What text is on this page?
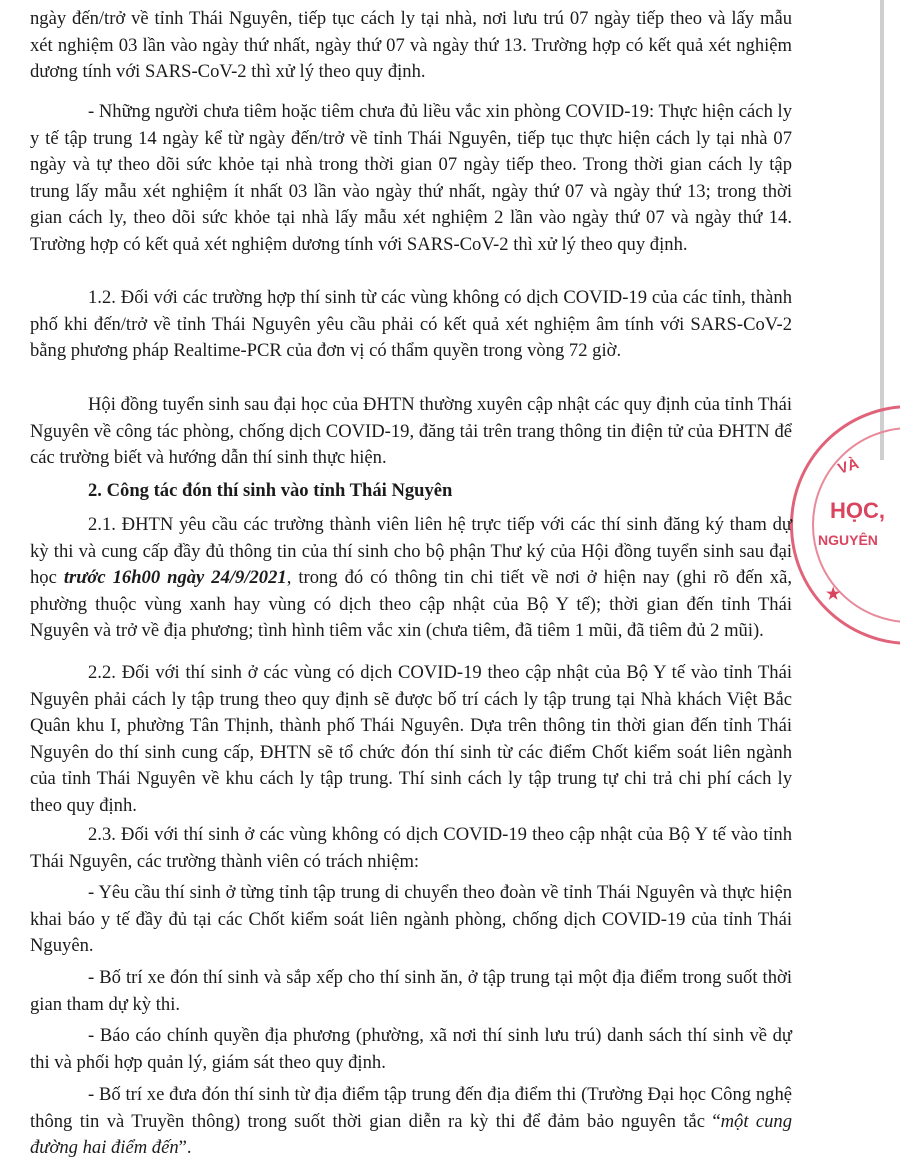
VÀ
HỌC,
NGUYÊN
★

ngày đến/trở về tỉnh Thái Nguyên, tiếp tục cách ly tại nhà, nơi lưu trú 07 ngày tiếp theo và lấy mẫu xét nghiệm 03 lần vào ngày thứ nhất, ngày thứ 07 và ngày thứ 13. Trường hợp có kết quả xét nghiệm dương tính với SARS-CoV-2 thì xử lý theo quy định.

- Những người chưa tiêm hoặc tiêm chưa đủ liều vắc xin phòng COVID-19: Thực hiện cách ly y tế tập trung 14 ngày kể từ ngày đến/trở về tỉnh Thái Nguyên, tiếp tục thực hiện cách ly tại nhà 07 ngày và tự theo dõi sức khỏe tại nhà trong thời gian 07 ngày tiếp theo. Trong thời gian cách ly tập trung lấy mẫu xét nghiệm ít nhất 03 lần vào ngày thứ nhất, ngày thứ 07 và ngày thứ 13; trong thời gian cách ly, theo dõi sức khỏe tại nhà lấy mẫu xét nghiệm 2 lần vào ngày thứ 07 và ngày thứ 14. Trường hợp có kết quả xét nghiệm dương tính với SARS-CoV-2 thì xử lý theo quy định.

1.2. Đối với các trường hợp thí sinh từ các vùng không có dịch COVID-19 của các tỉnh, thành phố khi đến/trở về tỉnh Thái Nguyên yêu cầu phải có kết quả xét nghiệm âm tính với SARS-CoV-2 bằng phương pháp Realtime-PCR của đơn vị có thẩm quyền trong vòng 72 giờ.

Hội đồng tuyển sinh sau đại học của ĐHTN thường xuyên cập nhật các quy định của tỉnh Thái Nguyên về công tác phòng, chống dịch COVID-19, đăng tải trên trang thông tin điện tử của ĐHTN để các trường biết và hướng dẫn thí sinh thực hiện.

2. Công tác đón thí sinh vào tỉnh Thái Nguyên

2.1. ĐHTN yêu cầu các trường thành viên liên hệ trực tiếp với các thí sinh đăng ký tham dự kỳ thi và cung cấp đầy đủ thông tin của thí sinh cho bộ phận Thư ký của Hội đồng tuyển sinh sau đại học trước 16h00 ngày 24/9/2021, trong đó có thông tin chi tiết về nơi ở hiện nay (ghi rõ đến xã, phường thuộc vùng xanh hay vùng có dịch theo cập nhật của Bộ Y tế); thời gian đến tỉnh Thái Nguyên và trở về địa phương; tình hình tiêm vắc xin (chưa tiêm, đã tiêm 1 mũi, đã tiêm đủ 2 mũi).

2.2. Đối với thí sinh ở các vùng có dịch COVID-19 theo cập nhật của Bộ Y tế vào tỉnh Thái Nguyên phải cách ly tập trung theo quy định sẽ được bố trí cách ly tập trung tại Nhà khách Việt Bắc Quân khu I, phường Tân Thịnh, thành phố Thái Nguyên. Dựa trên thông tin thời gian đến tỉnh Thái Nguyên do thí sinh cung cấp, ĐHTN sẽ tổ chức đón thí sinh từ các điểm Chốt kiểm soát liên ngành của tỉnh Thái Nguyên về khu cách ly tập trung. Thí sinh cách ly tập trung tự chi trả chi phí cách ly theo quy định.

2.3. Đối với thí sinh ở các vùng không có dịch COVID-19 theo cập nhật của Bộ Y tế vào tỉnh Thái Nguyên, các trường thành viên có trách nhiệm:

- Yêu cầu thí sinh ở từng tỉnh tập trung di chuyển theo đoàn về tỉnh Thái Nguyên và thực hiện khai báo y tế đầy đủ tại các Chốt kiểm soát liên ngành phòng, chống dịch COVID-19 của tỉnh Thái Nguyên.

- Bố trí xe đón thí sinh và sắp xếp cho thí sinh ăn, ở tập trung tại một địa điểm trong suốt thời gian tham dự kỳ thi.

- Báo cáo chính quyền địa phương (phường, xã nơi thí sinh lưu trú) danh sách thí sinh về dự thi và phối hợp quản lý, giám sát theo quy định.

- Bố trí xe đưa đón thí sinh từ địa điểm tập trung đến địa điểm thi (Trường Đại học Công nghệ thông tin và Truyền thông) trong suốt thời gian diễn ra kỳ thi để đảm bảo nguyên tắc “một cung đường hai điểm đến”.
